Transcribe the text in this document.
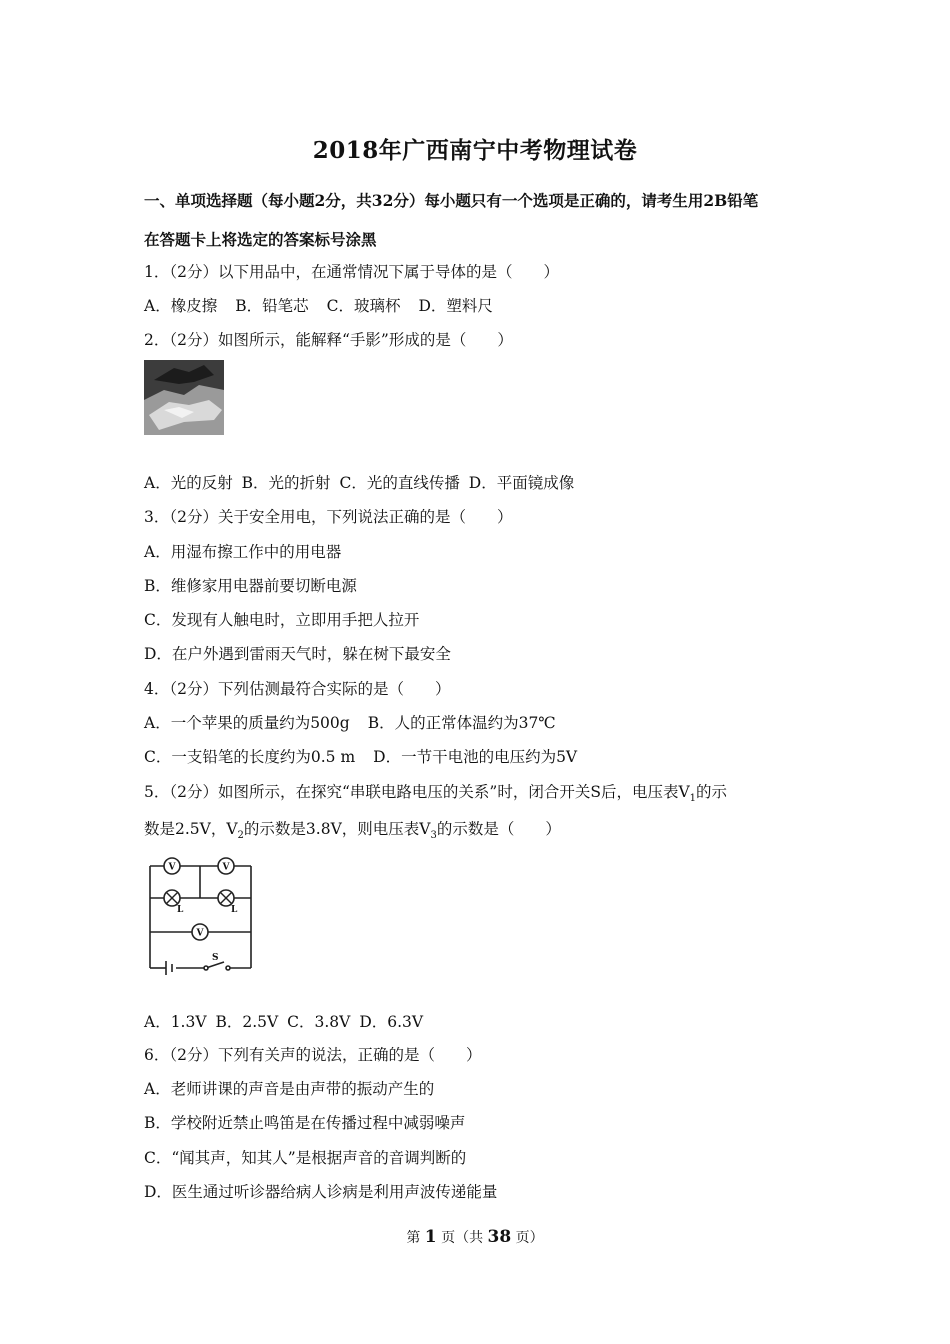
2018年广西南宁中考物理试卷
一、单项选择题（每小题2分，共32分）每小题只有一个选项是正确的，请考生用2B铅笔
在答题卡上将选定的答案标号涂黑
1．（2分）以下用品中，在通常情况下属于导体的是（　　）
A．橡皮擦 B．铅笔芯 C．玻璃杯 D．塑料尺
2．（2分）如图所示，能解释“手影”形成的是（　　）
A．光的反射 B．光的折射 C．光的直线传播 D．平面镜成像
3．（2分）关于安全用电，下列说法正确的是（　　）
A．用湿布擦工作中的用电器
B．维修家用电器前要切断电源
C．发现有人触电时，立即用手把人拉开
D．在户外遇到雷雨天气时，躲在树下最安全
4．（2分）下列估测最符合实际的是（　　）
A．一个苹果的质量约为500g B．人的正常体温约为37℃
C．一支铅笔的长度约为0.5 m D．一节干电池的电压约为5V
5．（2分）如图所示，在探究“串联电路电压的关系”时，闭合开关S后，电压表$V_1$的示
数是2.5V，$V_2$的示数是3.8V，则电压表$V_3$的示数是（　　）
V	V
V
L	L
S
A．1.3V B．2.5V C．3.8V D．6.3V
6．（2分）下列有关声的说法，正确的是（　　）
A．老师讲课的声音是由声带的振动产生的
B．学校附近禁止鸣笛是在传播过程中减弱噪声
C．“闻其声，知其人”是根据声音的音调判断的
D．医生通过听诊器给病人诊病是利用声波传递能量
第 1 页（共 38 页）
